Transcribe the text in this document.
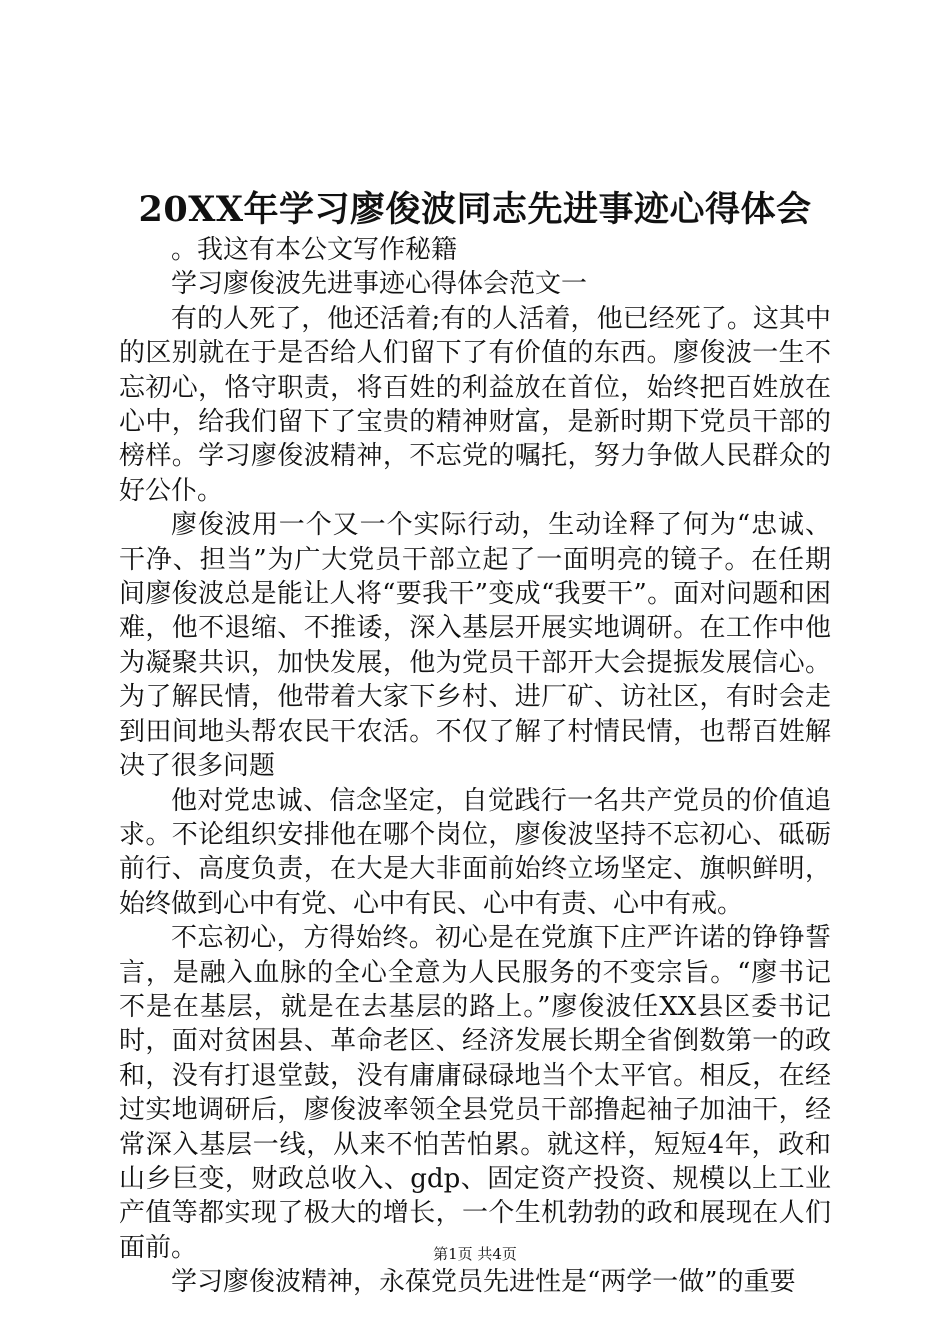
20XX年学习廖俊波同志先进事迹心得体会

。我这有本公文写作秘籍

学习廖俊波先进事迹心得体会范文一

有的人死了，他还活着;有的人活着，他已经死了。这其中的区别就在于是否给人们留下了有价值的东西。廖俊波一生不忘初心，恪守职责，将百姓的利益放在首位，始终把百姓放在心中，给我们留下了宝贵的精神财富，是新时期下党员干部的榜样。学习廖俊波精神，不忘党的嘱托，努力争做人民群众的好公仆。

廖俊波用一个又一个实际行动，生动诠释了何为“忠诚、干净、担当”为广大党员干部立起了一面明亮的镜子。在任期间廖俊波总是能让人将“要我干”变成“我要干”。面对问题和困难，他不退缩、不推诿，深入基层开展实地调研。在工作中他为凝聚共识，加快发展，他为党员干部开大会提振发展信心。为了解民情，他带着大家下乡村、进厂矿、访社区，有时会走到田间地头帮农民干农活。不仅了解了村情民情，也帮百姓解决了很多问题

他对党忠诚、信念坚定，自觉践行一名共产党员的价值追求。不论组织安排他在哪个岗位，廖俊波坚持不忘初心、砥砺前行、高度负责，在大是大非面前始终立场坚定、旗帜鲜明，始终做到心中有党、心中有民、心中有责、心中有戒。

不忘初心，方得始终。初心是在党旗下庄严许诺的铮铮誓言，是融入血脉的全心全意为人民服务的不变宗旨。“廖书记不是在基层，就是在去基层的路上。”廖俊波任XX县区委书记时，面对贫困县、革命老区、经济发展长期全省倒数第一的政和，没有打退堂鼓，没有庸庸碌碌地当个太平官。相反，在经过实地调研后，廖俊波率领全县党员干部撸起袖子加油干，经常深入基层一线，从来不怕苦怕累。就这样，短短4年，政和山乡巨变，财政总收入、gdp、固定资产投资、规模以上工业产值等都实现了极大的增长，一个生机勃勃的政和展现在人们面前。

学习廖俊波精神，永葆党员先进性是“两学一做”的重要

第1页 共4页
